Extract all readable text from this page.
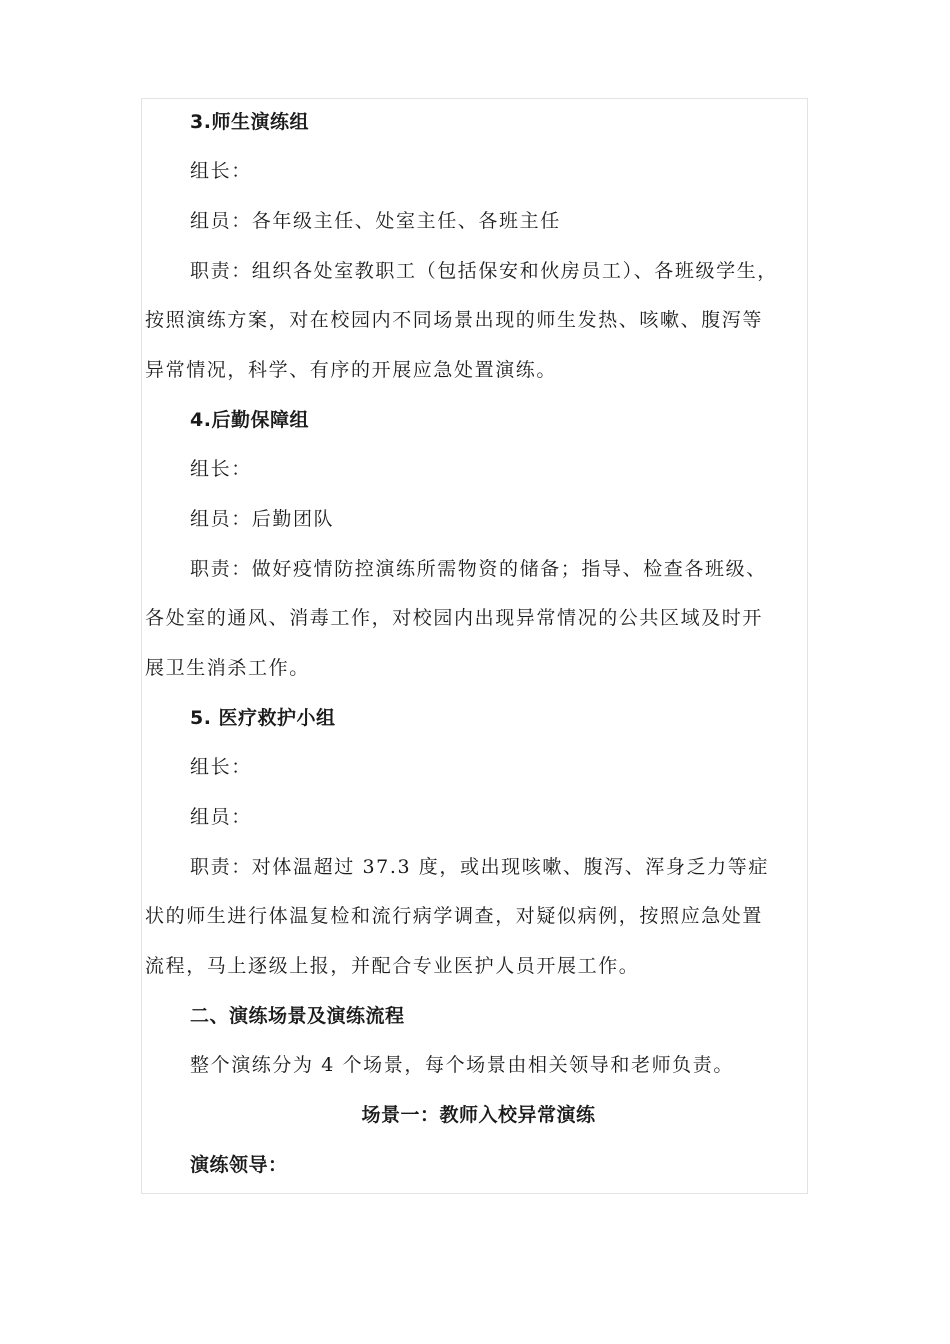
3.师生演练组
组长：
组员：各年级主任、处室主任、各班主任
职责：组织各处室教职工（包括保安和伙房员工）、各班级学生，
按照演练方案，对在校园内不同场景出现的师生发热、咳嗽、腹泻等
异常情况，科学、有序的开展应急处置演练。
4.后勤保障组
组长：
组员：后勤团队
职责：做好疫情防控演练所需物资的储备；指导、检查各班级、
各处室的通风、消毒工作，对校园内出现异常情况的公共区域及时开
展卫生消杀工作。
5. 医疗救护小组
组长：
组员：
职责：对体温超过 37.3 度，或出现咳嗽、腹泻、浑身乏力等症
状的师生进行体温复检和流行病学调查，对疑似病例，按照应急处置
流程，马上逐级上报，并配合专业医护人员开展工作。
二、演练场景及演练流程
整个演练分为 4 个场景，每个场景由相关领导和老师负责。
场景一：教师入校异常演练
演练领导：
